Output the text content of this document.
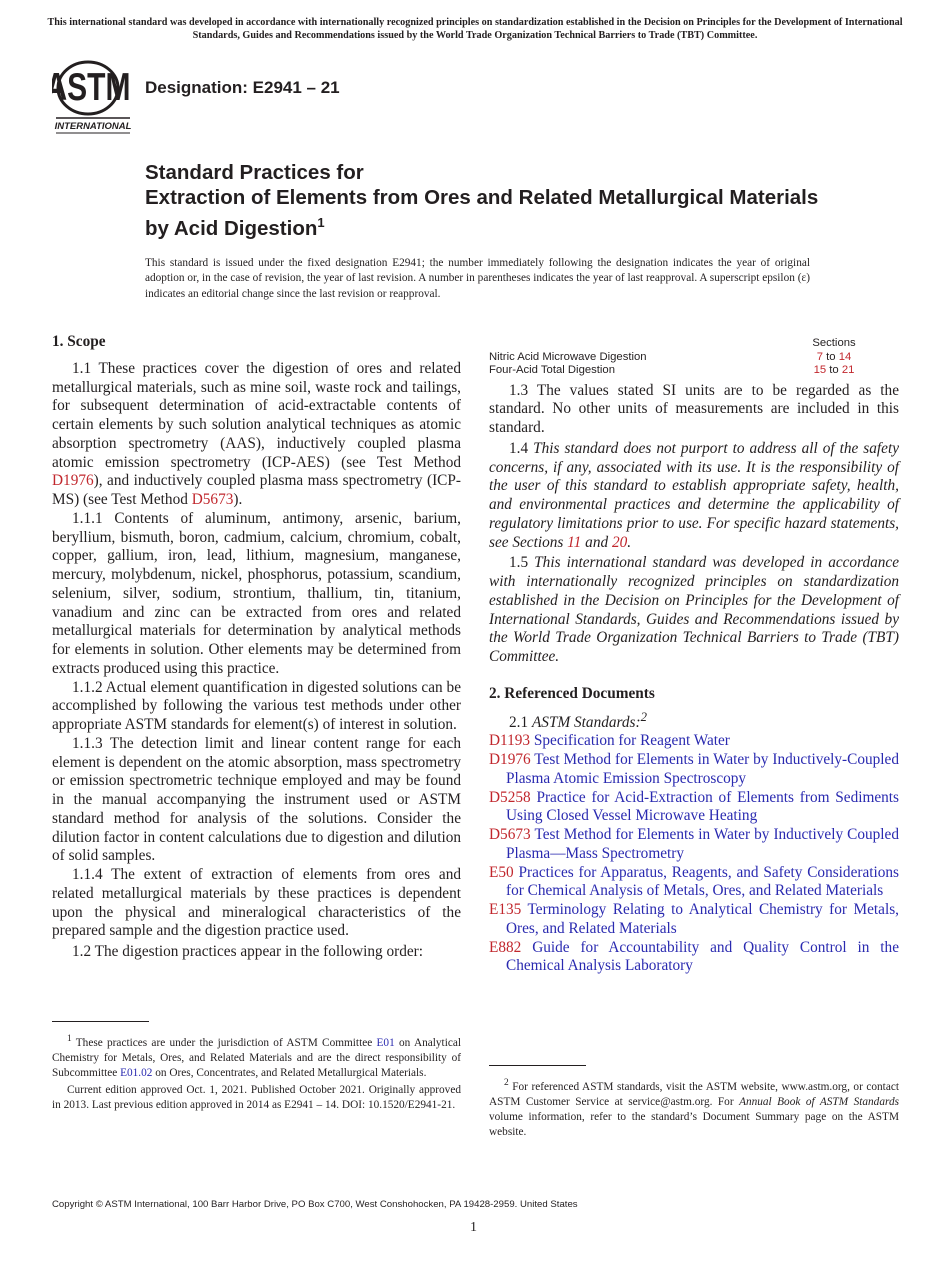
This international standard was developed in accordance with internationally recognized principles on standardization established in the Decision on Principles for the Development of International Standards, Guides and Recommendations issued by the World Trade Organization Technical Barriers to Trade (TBT) Committee.
ASTM
INTERNATIONAL
Designation: E2941 – 21
Standard Practices for
Extraction of Elements from Ores and Related Metallurgical Materials by Acid Digestion$^1$
This standard is issued under the fixed designation E2941; the number immediately following the designation indicates the year of original adoption or, in the case of revision, the year of last revision. A number in parentheses indicates the year of last reapproval. A superscript epsilon (ε) indicates an editorial change since the last revision or reapproval.
1. Scope

1.1 These practices cover the digestion of ores and related metallurgical materials, such as mine soil, waste rock and tailings, for subsequent determination of acid-extractable contents of certain elements by such solution analytical techniques as atomic absorption spectrometry (AAS), inductively coupled plasma atomic emission spectrometry (ICP-AES) (see Test Method D1976), and inductively coupled plasma mass spectrometry (ICP-MS) (see Test Method D5673).

1.1.1 Contents of aluminum, antimony, arsenic, barium, beryllium, bismuth, boron, cadmium, calcium, chromium, cobalt, copper, gallium, iron, lead, lithium, magnesium, manganese, mercury, molybdenum, nickel, phosphorus, potassium, scandium, selenium, silver, sodium, strontium, thallium, tin, titanium, vanadium and zinc can be extracted from ores and related metallurgical materials for determination by analytical methods for elements in solution. Other elements may be determined from extracts produced using this practice.

1.1.2 Actual element quantification in digested solutions can be accomplished by following the various test methods under other appropriate ASTM standards for element(s) of interest in solution.

1.1.3 The detection limit and linear content range for each element is dependent on the atomic absorption, mass spectrometry or emission spectrometric technique employed and may be found in the manual accompanying the instrument used or ASTM standard method for analysis of the solutions. Consider the dilution factor in content calculations due to digestion and dilution of solid samples.

1.1.4 The extent of extraction of elements from ores and related metallurgical materials by these practices is dependent upon the physical and mineralogical characteristics of the prepared sample and the digestion practice used.

1.2 The digestion practices appear in the following order:

$^1$ These practices are under the jurisdiction of ASTM Committee E01 on Analytical Chemistry for Metals, Ores, and Related Materials and are the direct responsibility of Subcommittee E01.02 on Ores, Concentrates, and Related Metallurgical Materials.

Current edition approved Oct. 1, 2021. Published October 2021. Originally approved in 2013. Last previous edition approved in 2014 as E2941 – 14. DOI: 10.1520/E2941-21.

Sections
Nitric Acid Microwave Digestion	7 to 14
Four-Acid Total Digestion	15 to 21

1.3 The values stated SI units are to be regarded as the standard. No other units of measurements are included in this standard.

1.4 This standard does not purport to address all of the safety concerns, if any, associated with its use. It is the responsibility of the user of this standard to establish appropriate safety, health, and environmental practices and determine the applicability of regulatory limitations prior to use. For specific hazard statements, see Sections 11 and 20.

1.5 This international standard was developed in accordance with internationally recognized principles on standardization established in the Decision on Principles for the Development of International Standards, Guides and Recommendations issued by the World Trade Organization Technical Barriers to Trade (TBT) Committee.

2. Referenced Documents

2.1 ASTM Standards:$^2$

D1193 Specification for Reagent Water
D1976 Test Method for Elements in Water by Inductively-Coupled Plasma Atomic Emission Spectroscopy
D5258 Practice for Acid-Extraction of Elements from Sediments Using Closed Vessel Microwave Heating
D5673 Test Method for Elements in Water by Inductively Coupled Plasma—Mass Spectrometry
E50 Practices for Apparatus, Reagents, and Safety Considerations for Chemical Analysis of Metals, Ores, and Related Materials
E135 Terminology Relating to Analytical Chemistry for Metals, Ores, and Related Materials
E882 Guide for Accountability and Quality Control in the Chemical Analysis Laboratory

$^2$ For referenced ASTM standards, visit the ASTM website, www.astm.org, or contact ASTM Customer Service at service@astm.org. For Annual Book of ASTM Standards volume information, refer to the standard’s Document Summary page on the ASTM website.

Copyright © ASTM International, 100 Barr Harbor Drive, PO Box C700, West Conshohocken, PA 19428-2959. United States
1
